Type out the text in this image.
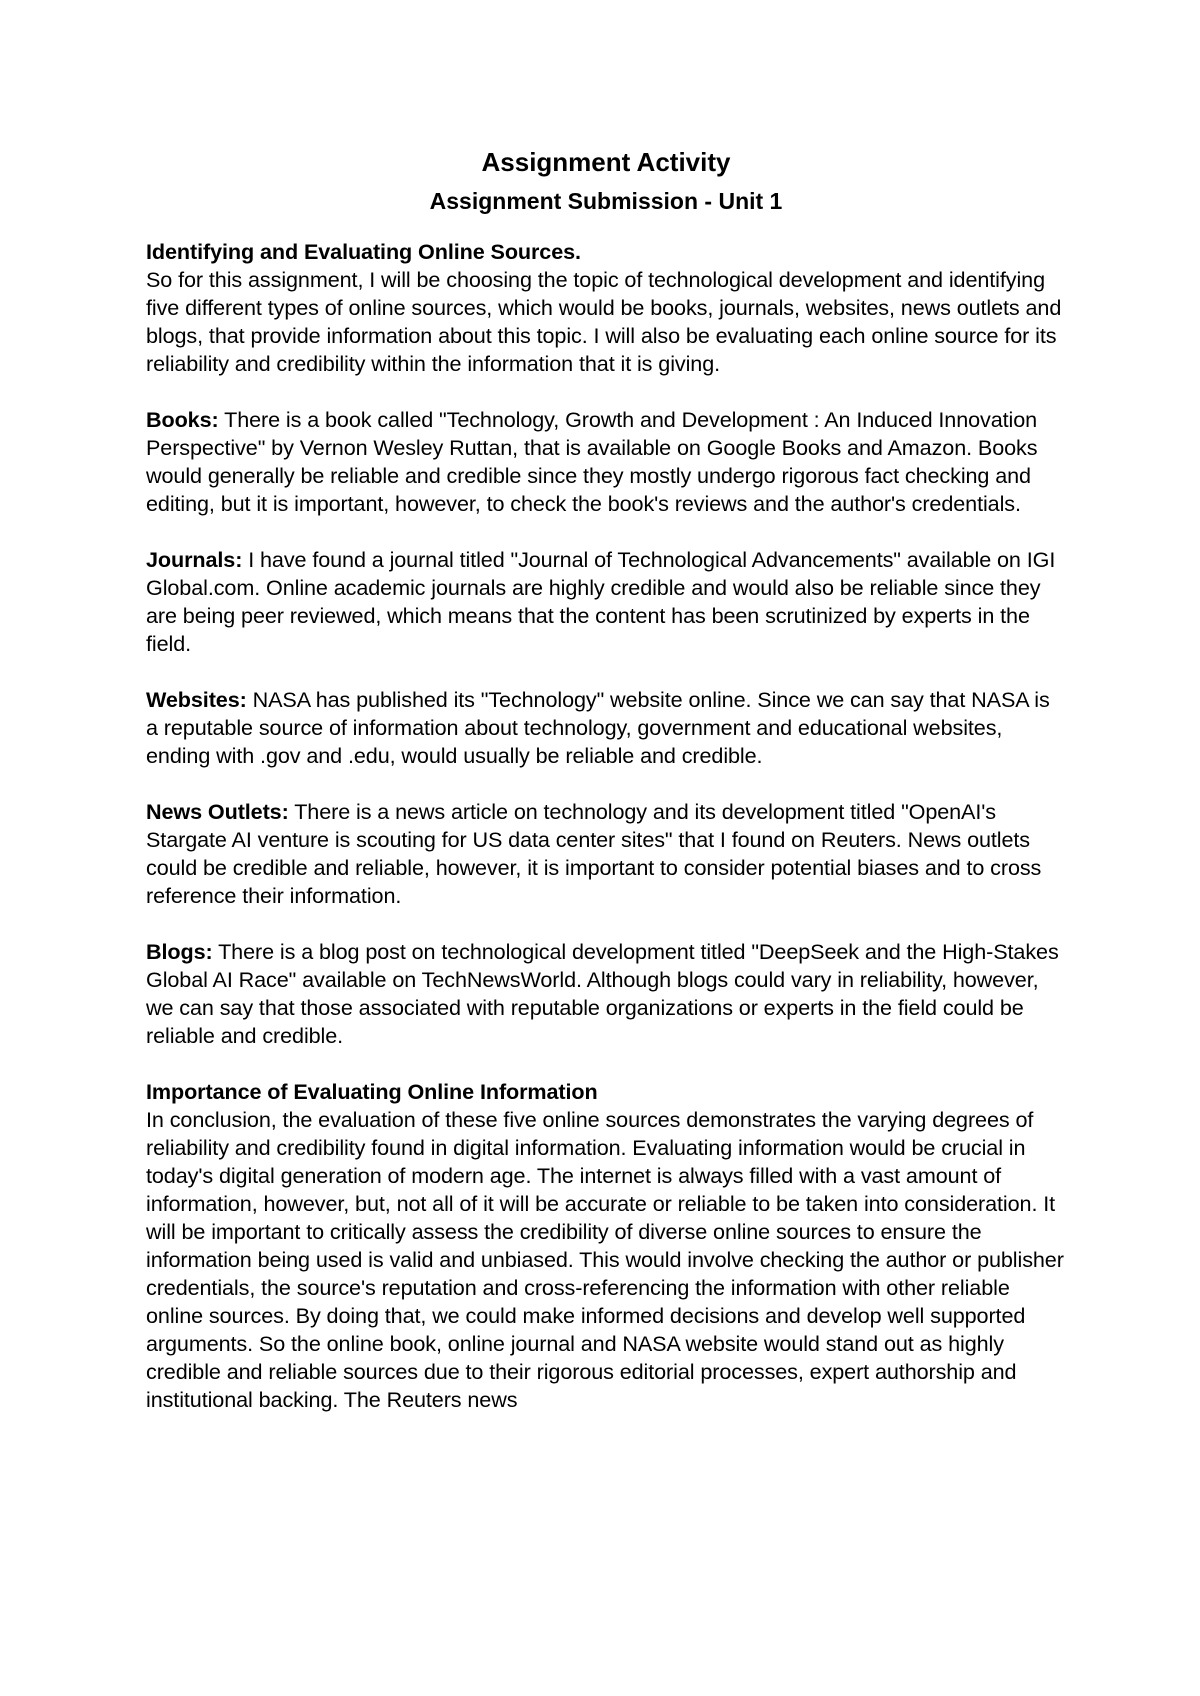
Assignment Activity
Assignment Submission - Unit 1
Identifying and Evaluating Online Sources.
So for this assignment, I will be choosing the topic of technological development and identifying five different types of online sources, which would be books, journals, websites, news outlets and blogs, that provide information about this topic. I will also be evaluating each online source for its reliability and credibility within the information that it is giving.
Books: There is a book called "Technology, Growth and Development : An Induced Innovation Perspective" by Vernon Wesley Ruttan, that is available on Google Books and Amazon. Books would generally be reliable and credible since they mostly undergo rigorous fact checking and editing, but it is important, however, to check the book's reviews and the author's credentials.
Journals: I have found a journal titled "Journal of Technological Advancements" available on IGI Global.com. Online academic journals are highly credible and would also be reliable since they are being peer reviewed, which means that the content has been scrutinized by experts in the field.
Websites: NASA has published its "Technology" website online. Since we can say that NASA is a reputable source of information about technology, government and educational websites, ending with .gov and .edu, would usually be reliable and credible.
News Outlets: There is a news article on technology and its development titled "OpenAI's Stargate AI venture is scouting for US data center sites" that I found on Reuters. News outlets could be credible and reliable, however, it is important to consider potential biases and to cross reference their information.
Blogs: There is a blog post on technological development titled "DeepSeek and the High-Stakes Global AI Race" available on TechNewsWorld. Although blogs could vary in reliability, however, we can say that those associated with reputable organizations or experts in the field could be reliable and credible.
Importance of Evaluating Online Information
In conclusion, the evaluation of these five online sources demonstrates the varying degrees of reliability and credibility found in digital information. Evaluating information would be crucial in today's digital generation of modern age. The internet is always filled with a vast amount of information, however, but, not all of it will be accurate or reliable to be taken into consideration. It will be important to critically assess the credibility of diverse online sources to ensure the information being used is valid and unbiased. This would involve checking the author or publisher credentials, the source's reputation and cross-referencing the information with other reliable online sources. By doing that, we could make informed decisions and develop well supported arguments. So the online book, online journal and NASA website would stand out as highly credible and reliable sources due to their rigorous editorial processes, expert authorship and institutional backing. The Reuters news
